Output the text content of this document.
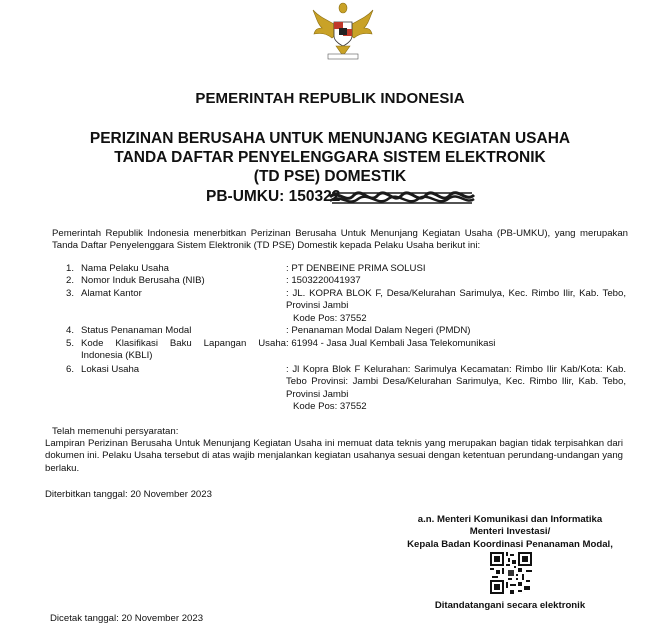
PEMERINTAH REPUBLIK INDONESIA
PERIZINAN BERUSAHA UNTUK MENUNJANG KEGIATAN USAHA
TANDA DAFTAR PENYELENGGARA SISTEM ELEKTRONIK
(TD PSE) DOMESTIK
PB-UMKU: 150322
Pemerintah Republik Indonesia menerbitkan Perizinan Berusaha Untuk Menunjang Kegiatan Usaha (PB-UMKU), yang merupakan Tanda Daftar Penyelenggara Sistem Elektronik (TD PSE) Domestik kepada Pelaku Usaha berikut ini:
1. Nama Pelaku Usaha	: PT DENBEINE PRIMA SOLUSI
2. Nomor Induk Berusaha (NIB)	: 1503220041937
3. Alamat Kantor	: JL. KOPRA BLOK F, Desa/Kelurahan Sarimulya, Kec. Rimbo Ilir, Kab. Tebo, Provinsi Jambi
Kode Pos: 37552
4. Status Penanaman Modal	: Penanaman Modal Dalam Negeri (PMDN)
5. Kode Klasifikasi Baku Lapangan Usaha Indonesia (KBLI)
: 61994 - Jasa Jual Kembali Jasa Telekomunikasi
6. Lokasi Usaha	: Jl Kopra Blok F Kelurahan: Sarimulya Kecamatan: Rimbo Ilir Kab/Kota: Kab. Tebo Provinsi: Jambi Desa/Kelurahan Sarimulya, Kec. Rimbo Ilir, Kab. Tebo, Provinsi Jambi
Kode Pos: 37552
Telah memenuhi persyaratan:
Lampiran Perizinan Berusaha Untuk Menunjang Kegiatan Usaha ini memuat data teknis yang merupakan bagian tidak terpisahkan dari dokumen ini. Pelaku Usaha tersebut di atas wajib menjalankan kegiatan usahanya sesuai dengan ketentuan perundang-undangan yang berlaku.
Diterbitkan tanggal: 20 November 2023
a.n. Menteri Komunikasi dan Informatika
Menteri Investasi/
Kepala Badan Koordinasi Penanaman Modal,
Ditandatangani secara elektronik
Dicetak tanggal: 20 November 2023
